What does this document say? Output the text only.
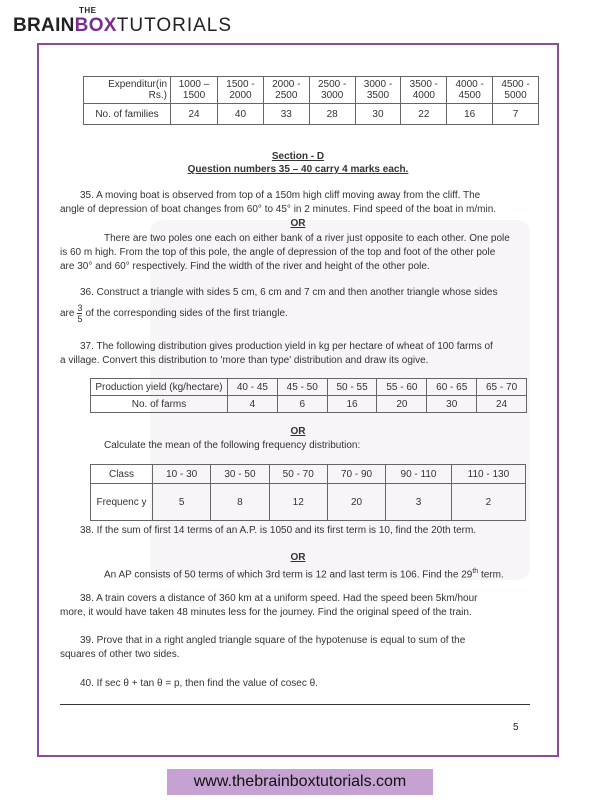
THE
BRAINBOXTUTORIALS
Expenditur(in Rs.)	1000 – 1500	1500 - 2000	2000 - 2500	2500 - 3000	3000 - 3500	3500 - 4000	4000 - 4500	4500 - 5000
No. of families	24	40	33	28	30	22	16	7
Section - D
Question numbers 35 – 40 carry 4 marks each.
35. A moving boat is observed from top of a 150m high cliff moving away from the cliff. The
angle of depression of boat changes from 60° to 45° in 2 minutes. Find speed of the boat in m/min.
OR
There are two poles one each on either bank of a river just opposite to each other. One pole
is 60 m high. From the top of this pole, the angle of depression of the top and foot of the other pole
are 30° and 60° respectively. Find the width of the river and height of the other pole.
36. Construct a triangle with sides 5 cm, 6 cm and 7 cm and then another triangle whose sides
are $\frac{3}{5}$ of the corresponding sides of the first triangle.
37. The following distribution gives production yield in kg per hectare of wheat of 100 farms of
a village. Convert this distribution to 'more than type' distribution and draw its ogive.
Production yield (kg/hectare)	40 - 45	45 - 50	50 - 55	55 - 60	60 - 65	65 - 70
No. of farms	4	6	16	20	30	24
OR
Calculate the mean of the following frequency distribution:
Class	10 - 30	30 - 50	50 - 70	70 - 90	90 - 110	110 - 130
Frequenc y	5	8	12	20	3	2
38. If the sum of first 14 terms of an A.P. is 1050 and its first term is 10, find the 20th term.
OR
An AP consists of 50 terms of which 3rd term is 12 and last term is 106. Find the 29th term.
38. A train covers a distance of 360 km at a uniform speed. Had the speed been 5km/hour
more, it would have taken 48 minutes less for the journey. Find the original speed of the train.
39. Prove that in a right angled triangle square of the hypotenuse is equal to sum of the
squares of other two sides.
40. If sec θ + tan θ = p, then find the value of cosec θ.
5
www.thebrainboxtutorials.com
